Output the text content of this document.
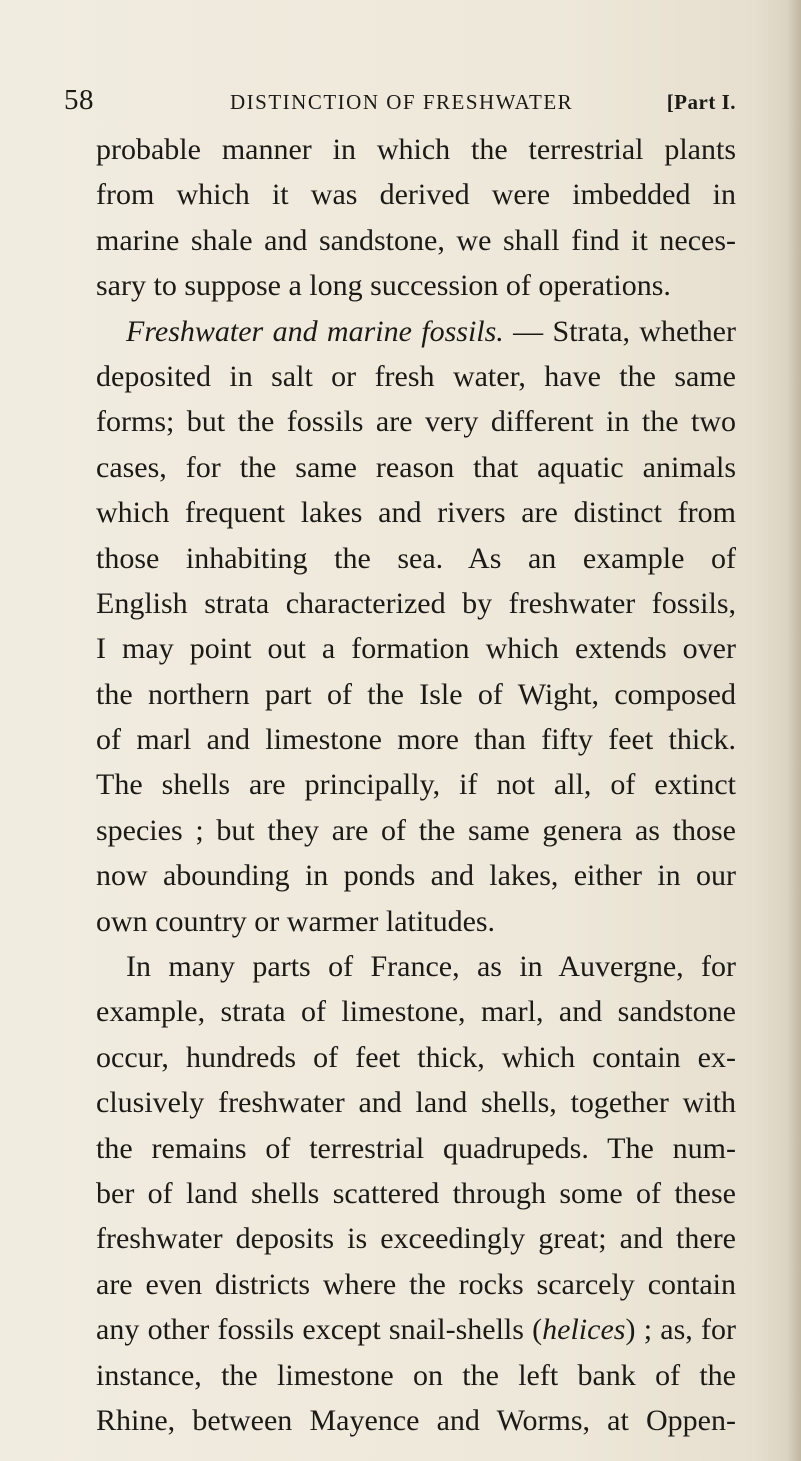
58	DISTINCTION OF FRESHWATER	[Part I.
probable manner in which the terrestrial plants
from which it was derived were imbedded in
marine shale and sandstone, we shall find it neces-
sary to suppose a long succession of operations.
Freshwater and marine fossils. — Strata, whether
deposited in salt or fresh water, have the same
forms; but the fossils are very different in the two
cases, for the same reason that aquatic animals
which frequent lakes and rivers are distinct from
those inhabiting the sea. As an example of
English strata characterized by freshwater fossils,
I may point out a formation which extends over
the northern part of the Isle of Wight, composed
of marl and limestone more than fifty feet thick.
The shells are principally, if not all, of extinct
species ; but they are of the same genera as those
now abounding in ponds and lakes, either in our
own country or warmer latitudes.
In many parts of France, as in Auvergne, for
example, strata of limestone, marl, and sandstone
occur, hundreds of feet thick, which contain ex-
clusively freshwater and land shells, together with
the remains of terrestrial quadrupeds. The num-
ber of land shells scattered through some of these
freshwater deposits is exceedingly great; and there
are even districts where the rocks scarcely contain
any other fossils except snail-shells (helices) ; as, for
instance, the limestone on the left bank of the
Rhine, between Mayence and Worms, at Oppen-
